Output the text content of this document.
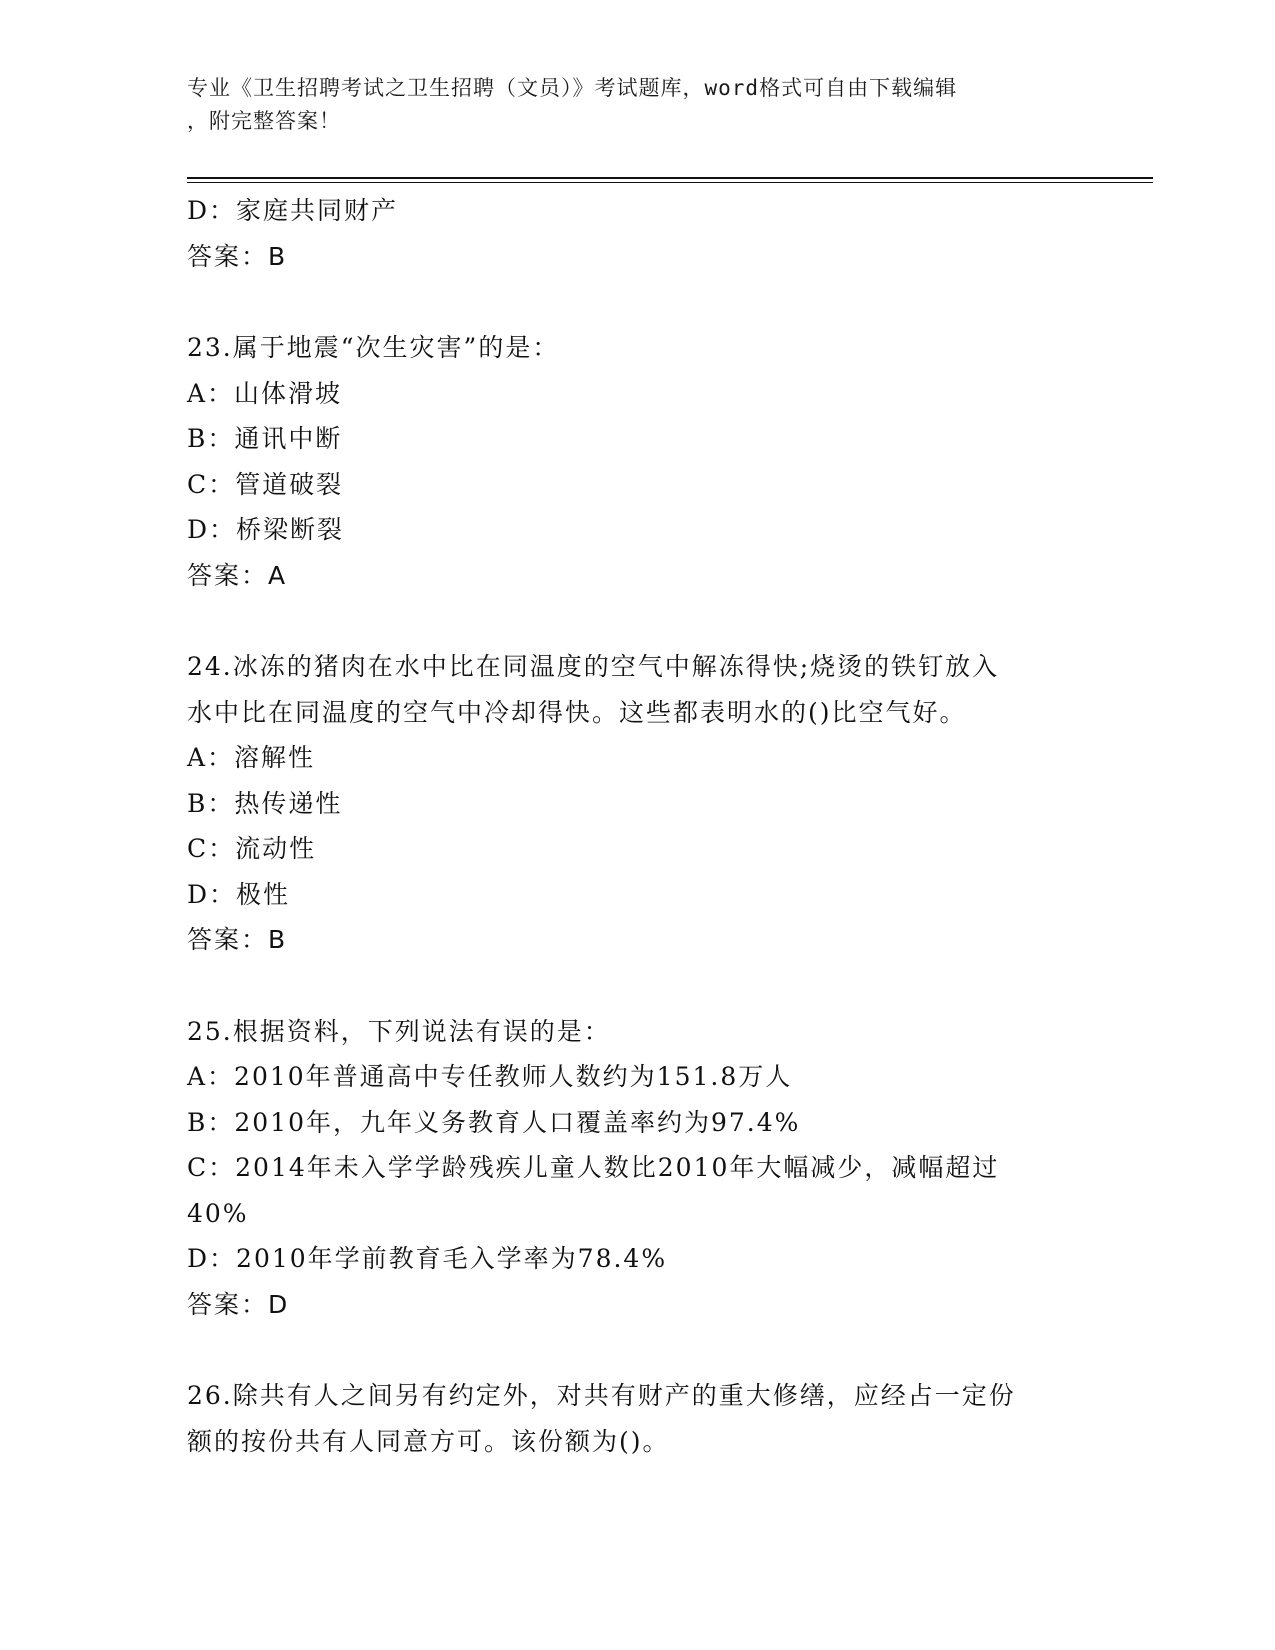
专业《卫生招聘考试之卫生招聘（文员）》考试题库，word格式可自由下载编辑
，附完整答案！
D：家庭共同财产
答案：B
23.属于地震“次生灾害”的是：
A：山体滑坡
B：通讯中断
C：管道破裂
D：桥梁断裂
答案：A
24.冰冻的猪肉在水中比在同温度的空气中解冻得快;烧烫的铁钉放入
水中比在同温度的空气中冷却得快。这些都表明水的()比空气好。
A：溶解性
B：热传递性
C：流动性
D：极性
答案：B
25.根据资料，下列说法有误的是：
A：2010年普通高中专任教师人数约为151.8万人
B：2010年，九年义务教育人口覆盖率约为97.4%
C：2014年未入学学龄残疾儿童人数比2010年大幅减少，减幅超过
40%
D：2010年学前教育毛入学率为78.4%
答案：D
26.除共有人之间另有约定外，对共有财产的重大修缮，应经占一定份
额的按份共有人同意方可。该份额为()。
